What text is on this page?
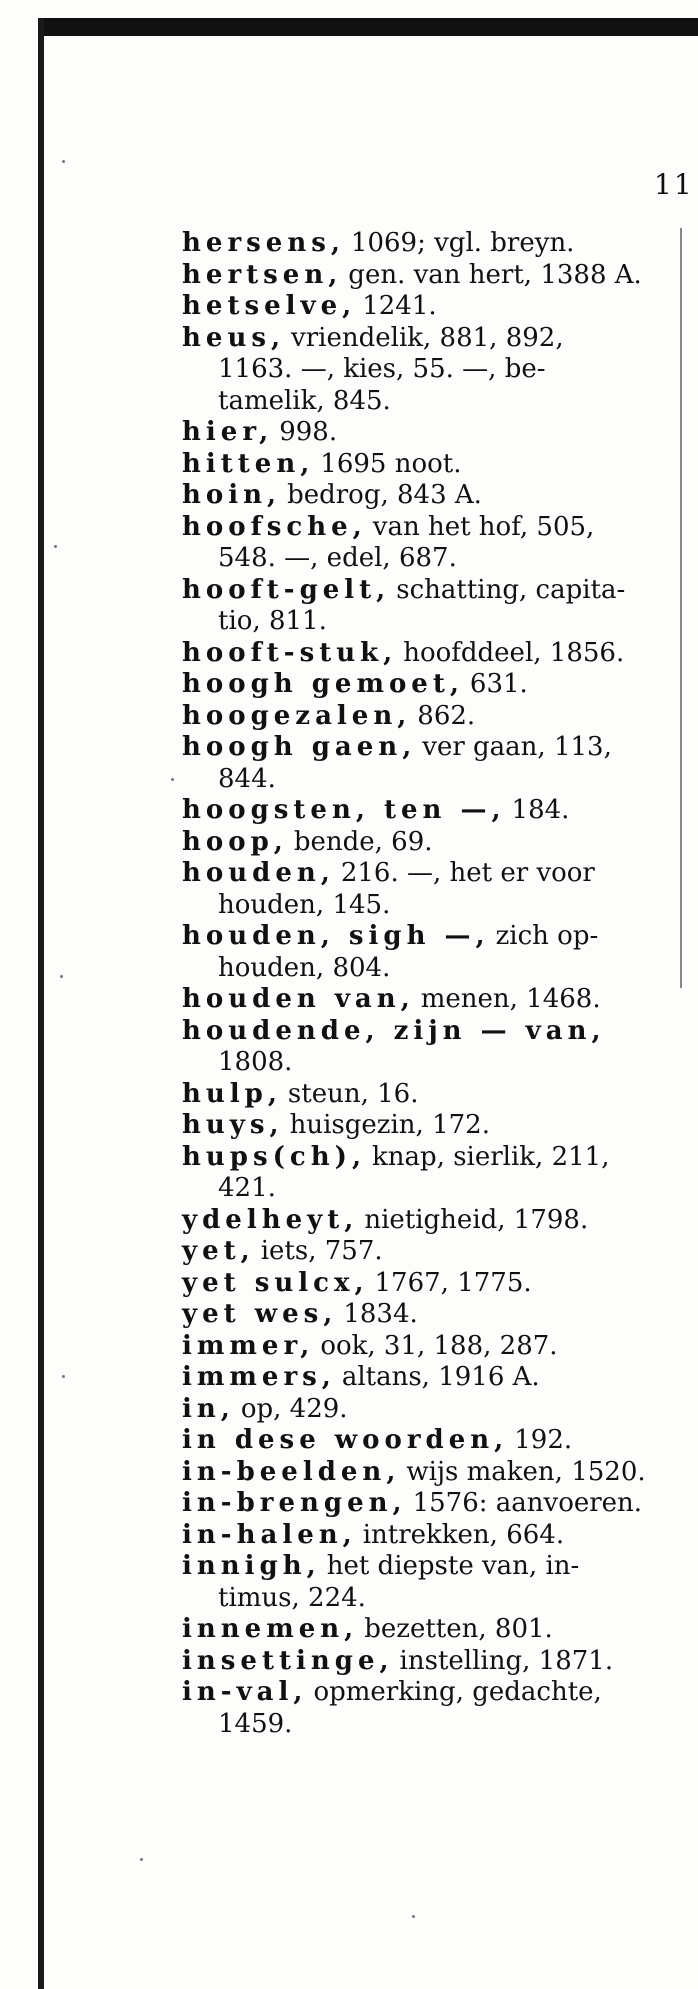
11
hersens, 1069; vgl. breyn.
hertsen, gen. van hert, 1388 A.
hetselve, 1241.
heus, vriendelik, 881, 892,
1163. —, kies, 55. —, be-
tamelik, 845.
hier, 998.
hitten, 1695 noot.
hoin, bedrog, 843 A.
hoofsche, van het hof, 505,
548. —, edel, 687.
hooft-gelt, schatting, capita-
tio, 811.
hooft-stuk, hoofddeel, 1856.
hoogh gemoet, 631.
hoogezalen, 862.
hoogh gaen, ver gaan, 113,
844.
hoogsten, ten —, 184.
hoop, bende, 69.
houden, 216. —, het er voor
houden, 145.
houden, sigh —, zich op-
houden, 804.
houden van, menen, 1468.
houdende, zijn — van,
1808.
hulp, steun, 16.
huys, huisgezin, 172.
hups(ch), knap, sierlik, 211,
421.
ydelheyt, nietigheid, 1798.
yet, iets, 757.
yet sulcx, 1767, 1775.
yet wes, 1834.
immer, ook, 31, 188, 287.
immers, altans, 1916 A.
in, op, 429.
in dese woorden, 192.
in-beelden, wijs maken, 1520.
in-brengen, 1576: aanvoeren.
in-halen, intrekken, 664.
innigh, het diepste van, in-
timus, 224.
innemen, bezetten, 801.
insettinge, instelling, 1871.
in-val, opmerking, gedachte,
1459.
